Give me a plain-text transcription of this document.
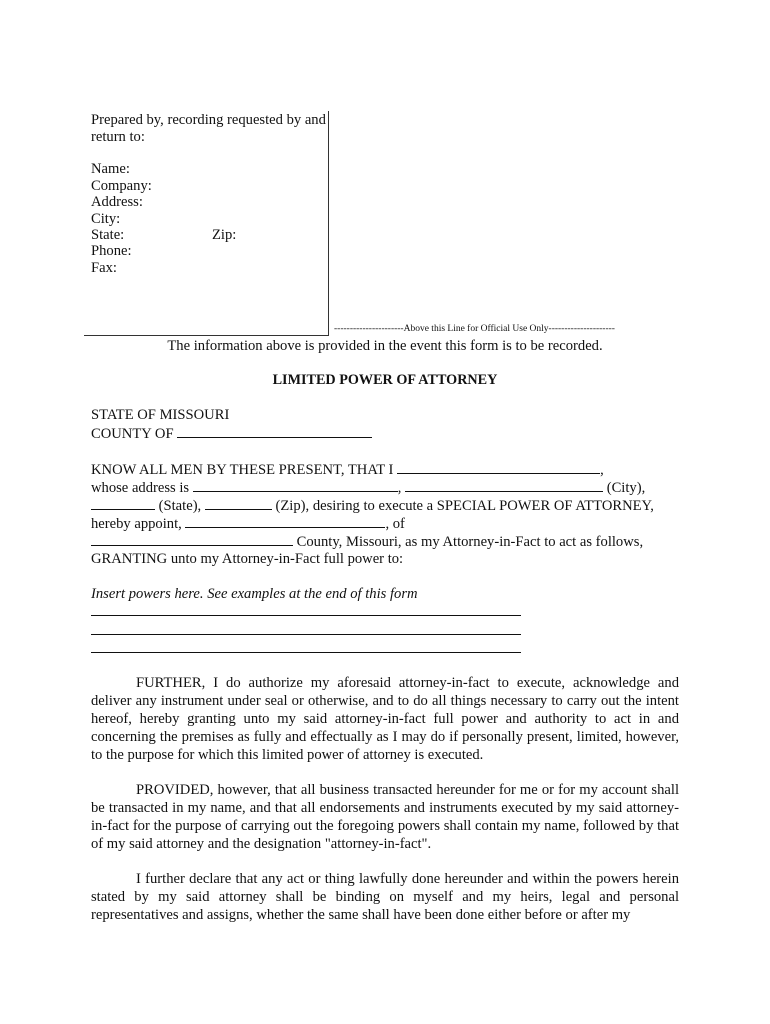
Prepared by, recording requested by and
return to:
Name:
Company:
Address:
City:
State:	Zip:
Phone:
Fax:
----------------------Above this Line for Official Use Only---------------------
The information above is provided in the event this form is to be recorded.
LIMITED POWER OF ATTORNEY
STATE OF MISSOURI
COUNTY OF
KNOW ALL MEN BY THESE PRESENT, THAT I	,
whose address is	,	(City),
(State),	(Zip), desiring to execute a SPECIAL POWER OF ATTORNEY,
hereby appoint,	, of
County, Missouri, as my Attorney-in-Fact to act as follows,
GRANTING unto my Attorney-in-Fact full power to:
Insert powers here. See examples at the end of this form
FURTHER, I do authorize my aforesaid attorney-in-fact to execute, acknowledge and deliver any instrument under seal or otherwise, and to do all things necessary to carry out the intent hereof, hereby granting unto my said attorney-in-fact full power and authority to act in and concerning the premises as fully and effectually as I may do if personally present, limited, however, to the purpose for which this limited power of attorney is executed.
PROVIDED, however, that all business transacted hereunder for me or for my account shall be transacted in my name, and that all endorsements and instruments executed by my said attorney-in-fact for the purpose of carrying out the foregoing powers shall contain my name, followed by that of my said attorney and the designation "attorney-in-fact".
I further declare that any act or thing lawfully done hereunder and within the powers herein stated by my said attorney shall be binding on myself and my heirs, legal and personal representatives and assigns, whether the same shall have been done either before or after my
